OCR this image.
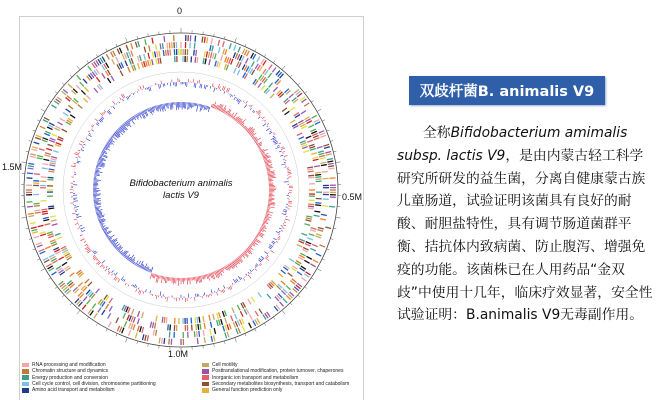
0
0.5M
1.0M
1.5M
Bifidobacterium animalis
lactis V9
RNA processing and modification
Chromatin structure and dynamics
Energy production and conversion
Cell cycle control, cell division, chromosome partitioning
Amino acid transport and metabolism
Cell motility
Posttranslational modification, protein turnover, chaperones
Inorganic ion transport and metabolism
Secondary metabolites biosynthesis, transport and catabolism
General function prediction only
双歧杆菌B. animalis V9
全称Bifidobacterium amimalis subsp. lactis V9，是由内蒙古轻工科学研究所研发的益生菌，分离自健康蒙古族儿童肠道，试验证明该菌具有良好的耐酸、耐胆盐特性，具有调节肠道菌群平衡、拮抗体内致病菌、防止腹泻、增强免疫的功能。该菌株已在人用药品“金双歧”中使用十几年，临床疗效显著，安全性试验证明：B.animalis V9无毒副作用。
